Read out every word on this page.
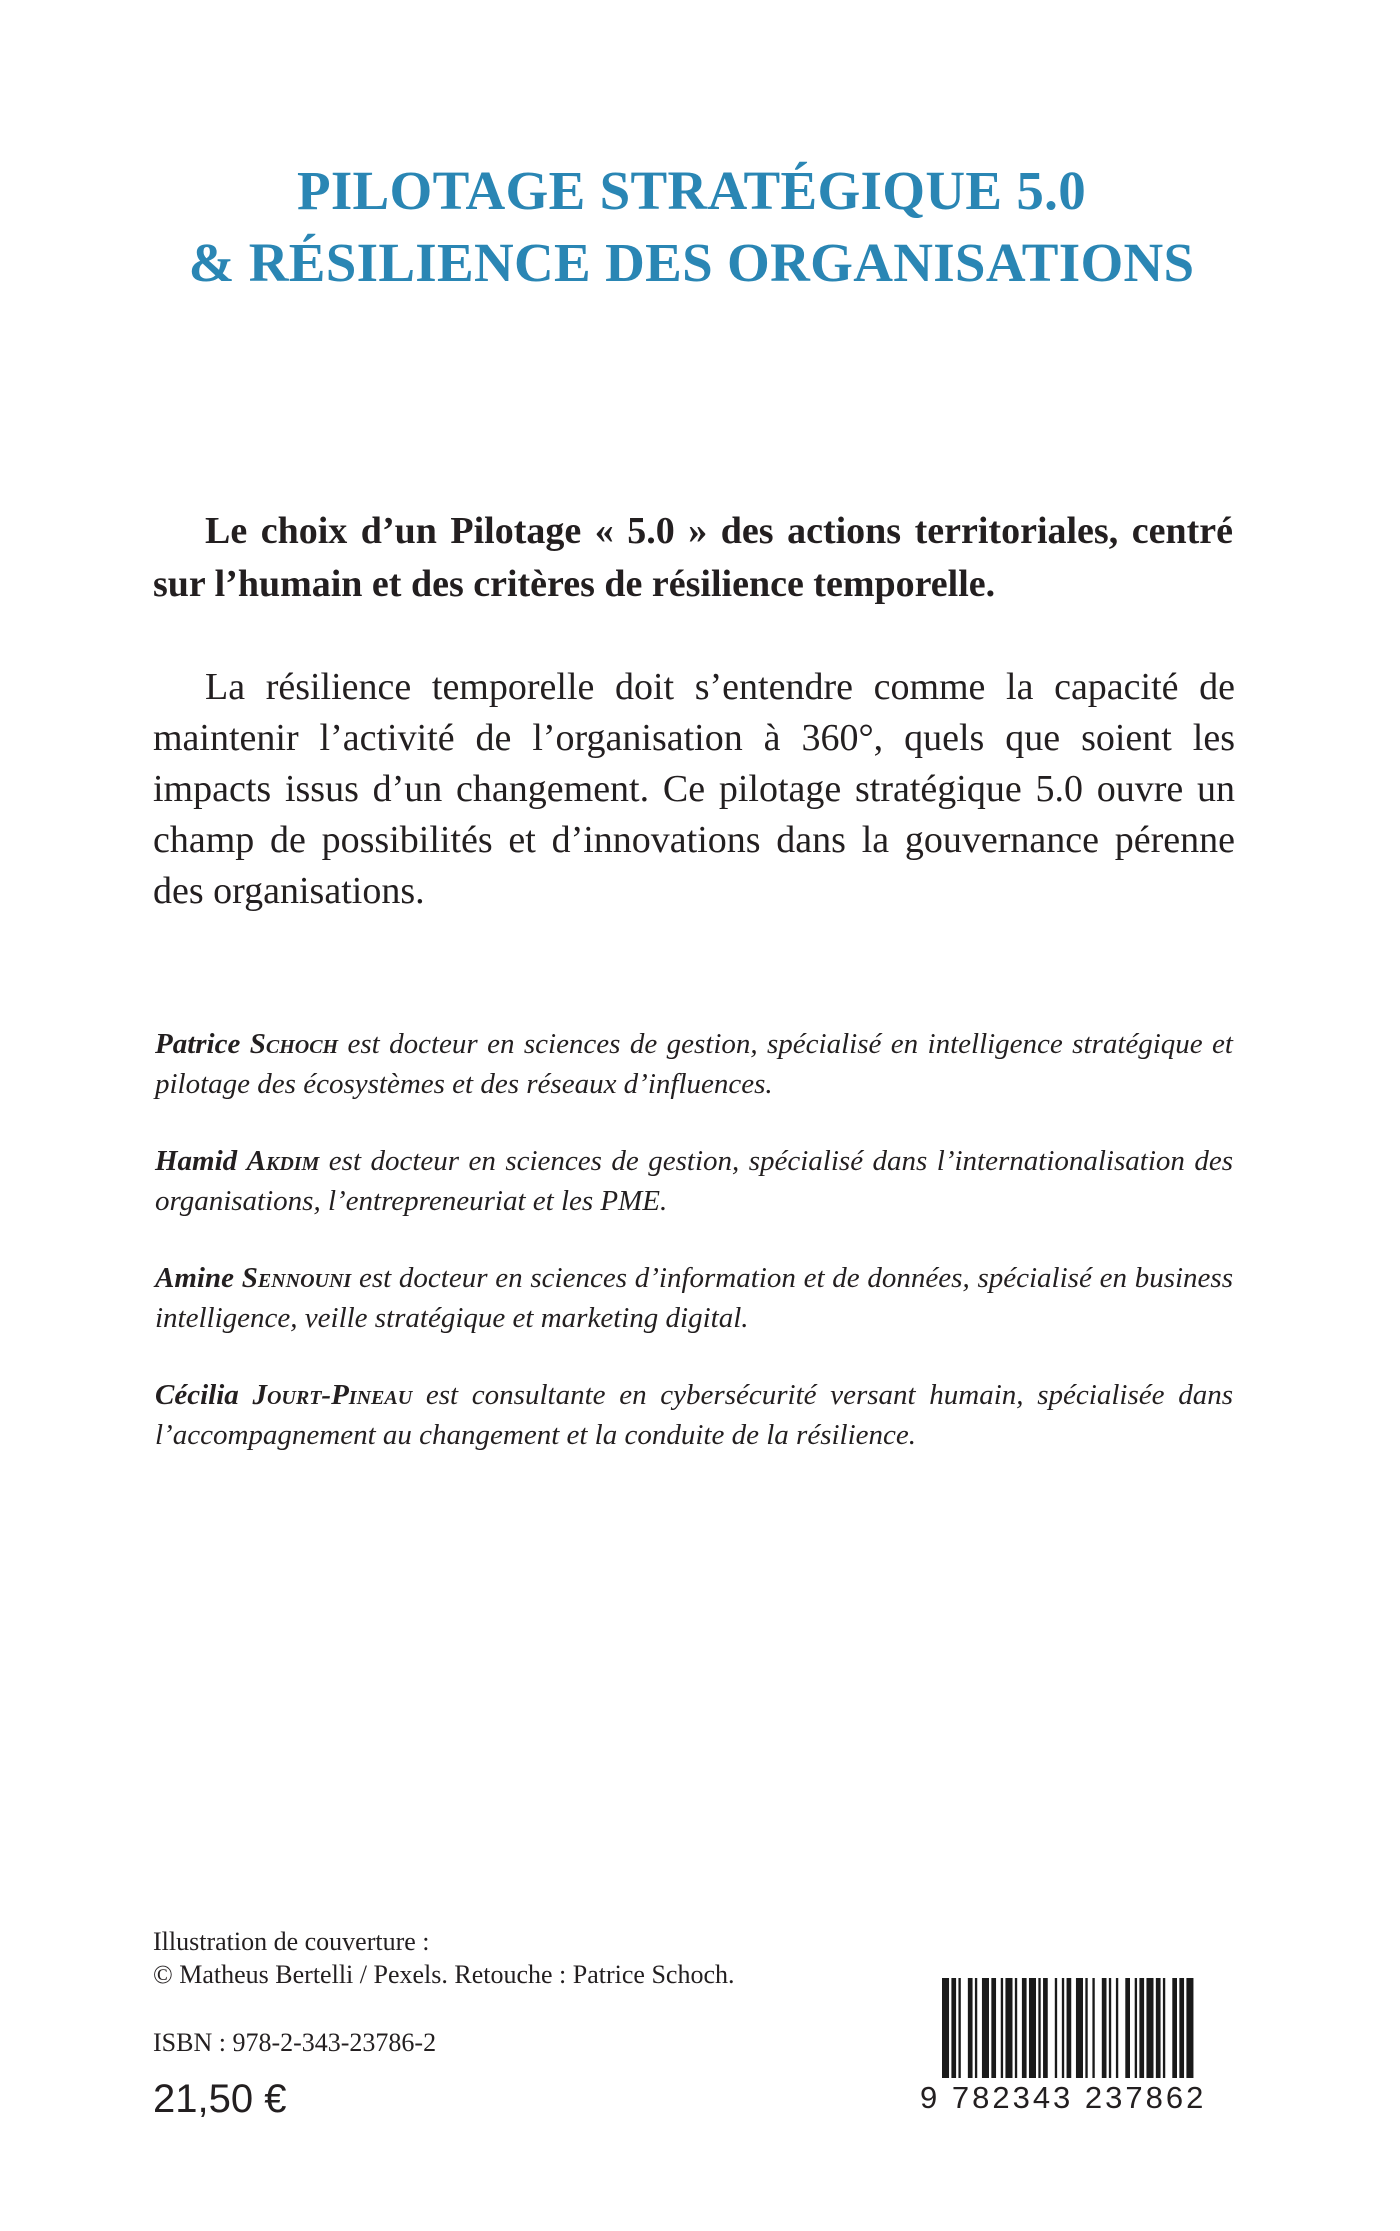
PILOTAGE STRATÉGIQUE 5.0
& RÉSILIENCE DES ORGANISATIONS

Le choix d’un Pilotage « 5.0 » des actions territoriales, centré sur l’humain et des critères de résilience temporelle.

La résilience temporelle doit s’entendre comme la capacité de maintenir l’activité de l’organisation à 360°, quels que soient les impacts issus d’un changement. Ce pilotage stratégique 5.0 ouvre un champ de possibilités et d’innovations dans la gouvernance pérenne des organisations.

Patrice Schoch est docteur en sciences de gestion, spécialisé en intelligence stratégique et pilotage des écosystèmes et des réseaux d’influences.

Hamid Akdim est docteur en sciences de gestion, spécialisé dans l’internationalisation des organisations, l’entrepreneuriat et les PME.

Amine Sennouni est docteur en sciences d’information et de données, spécialisé en business intelligence, veille stratégique et marketing digital.

Cécilia Jourt-Pineau est consultante en cybersécurité versant humain, spécialisée dans l’accompagnement au changement et la conduite de la résilience.

Illustration de couverture :
© Matheus Bertelli / Pexels. Retouche : Patrice Schoch.
ISBN : 978-2-343-23786-2
21,50 €	9 782343 237862
